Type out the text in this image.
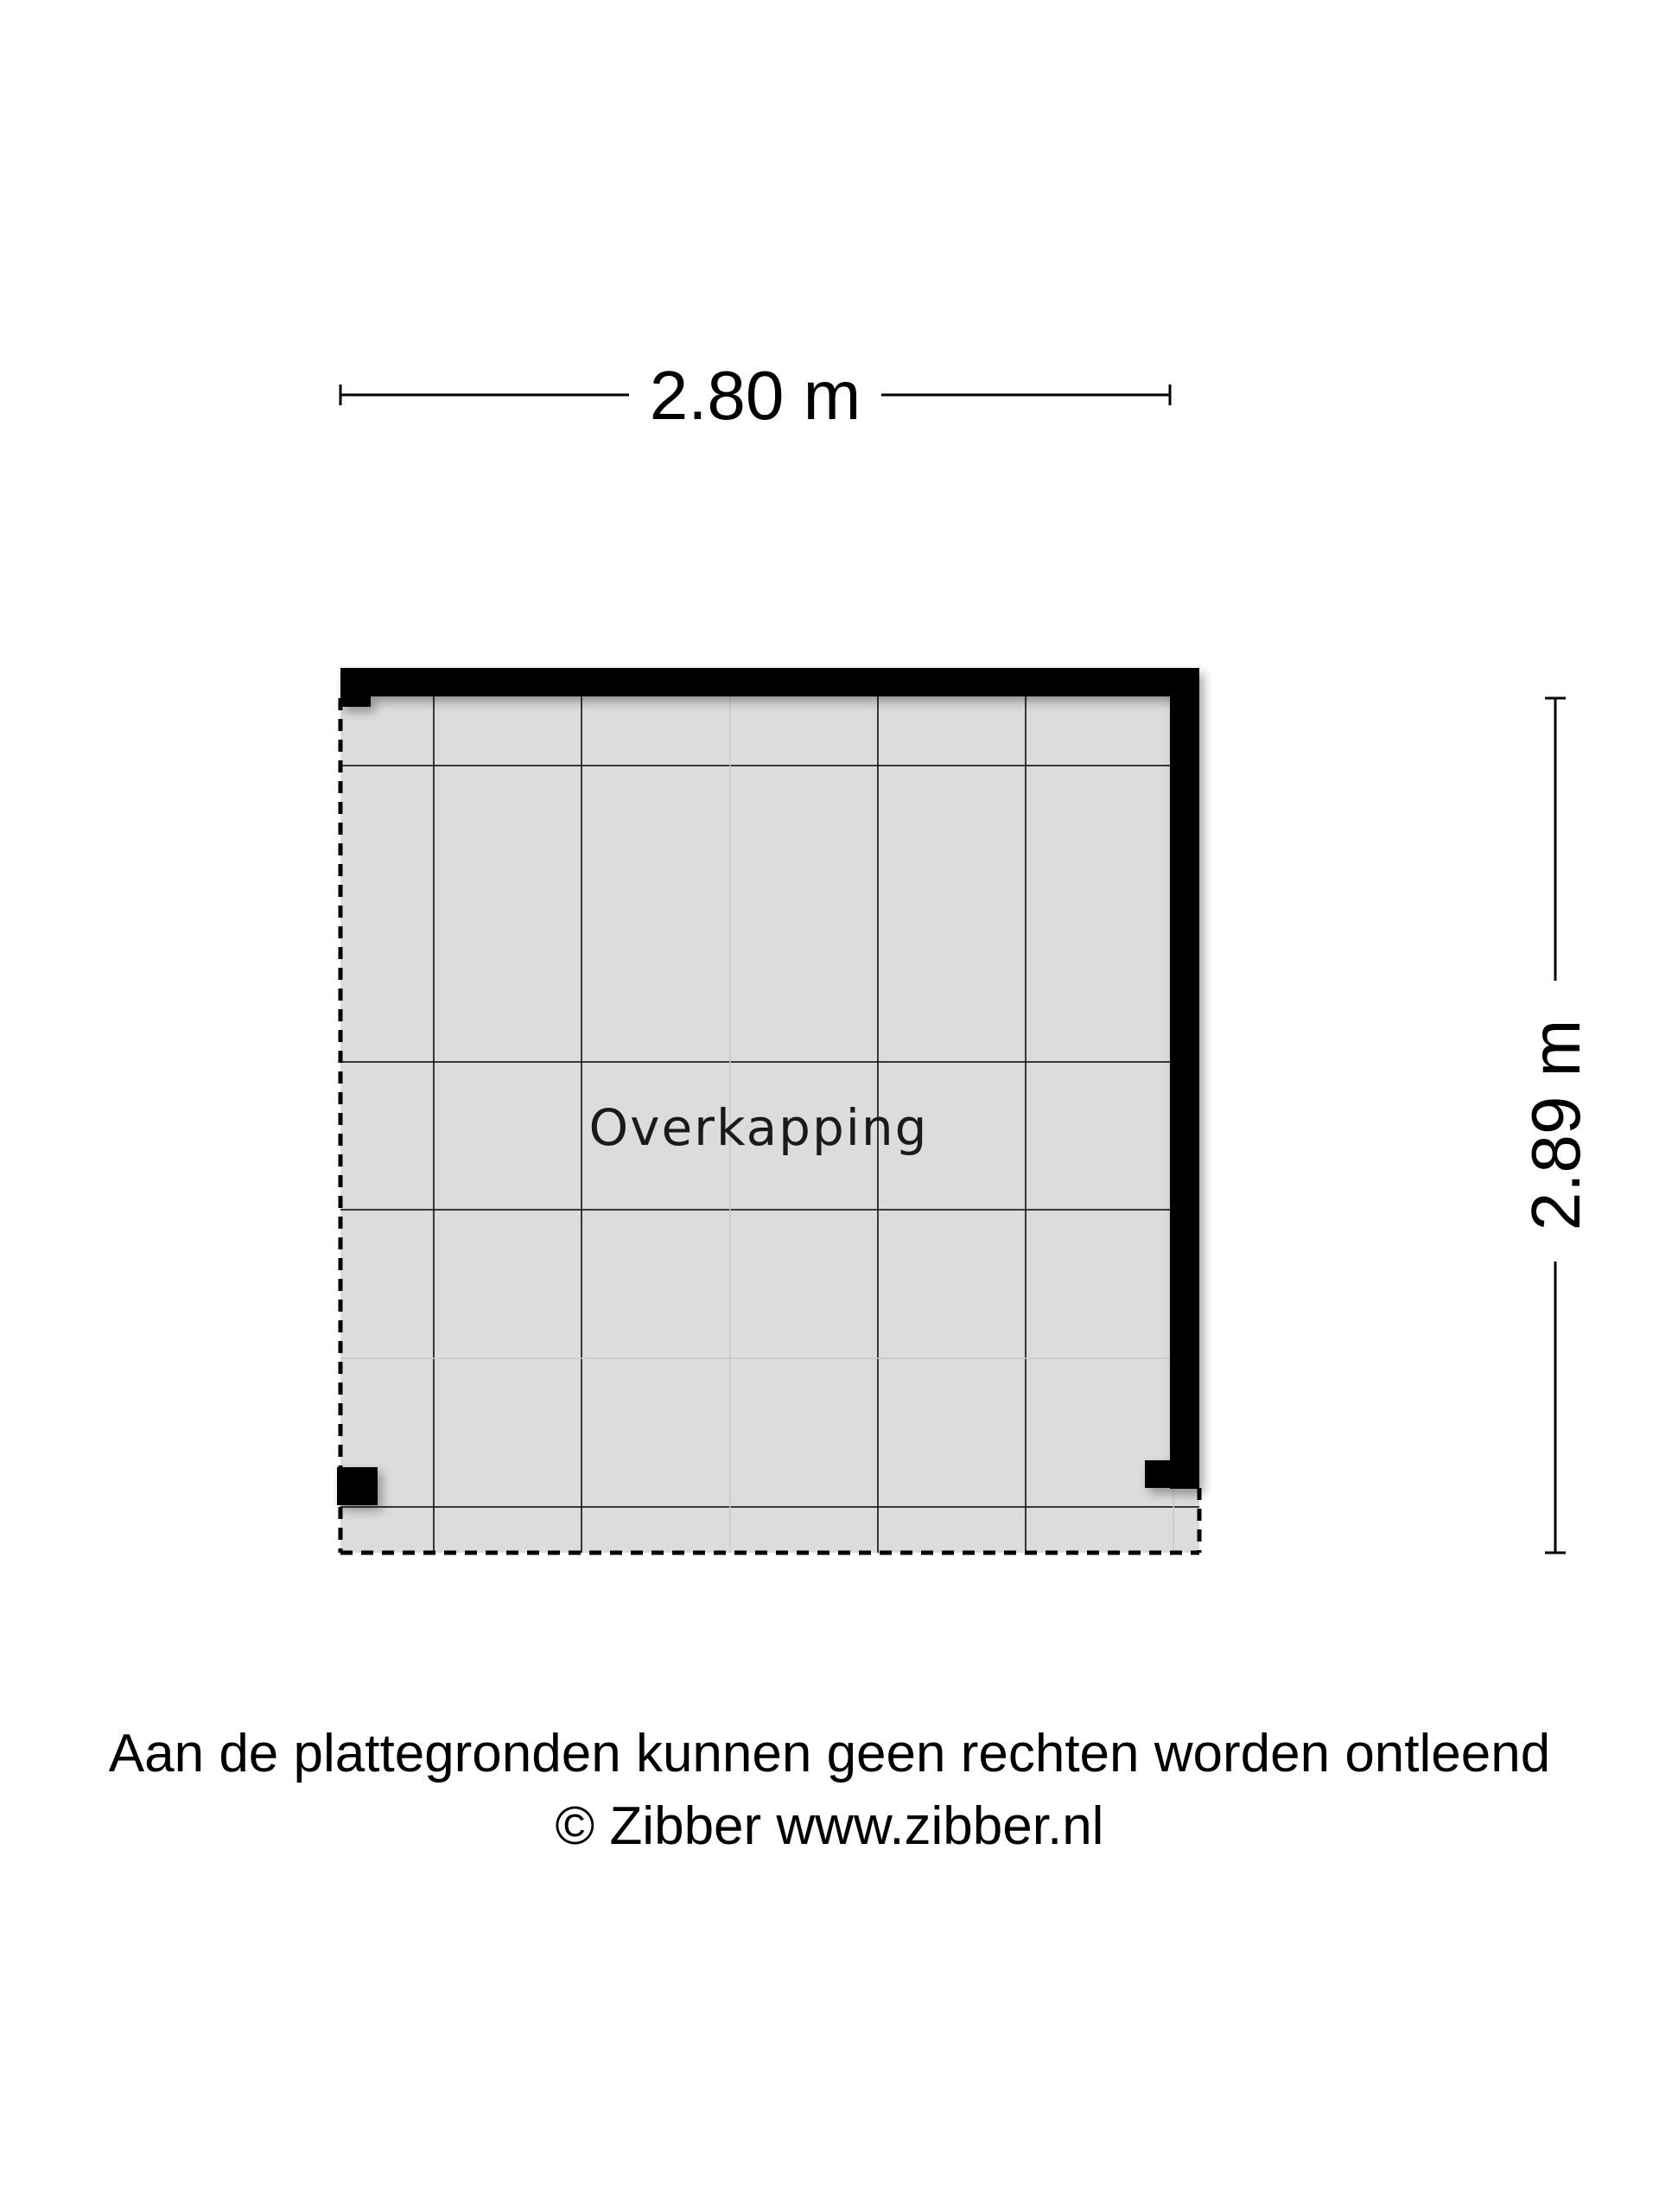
2.80 m
2.89 m
Overkapping
Aan de plattegronden kunnen geen rechten worden ontleend
© Zibber www.zibber.nl
